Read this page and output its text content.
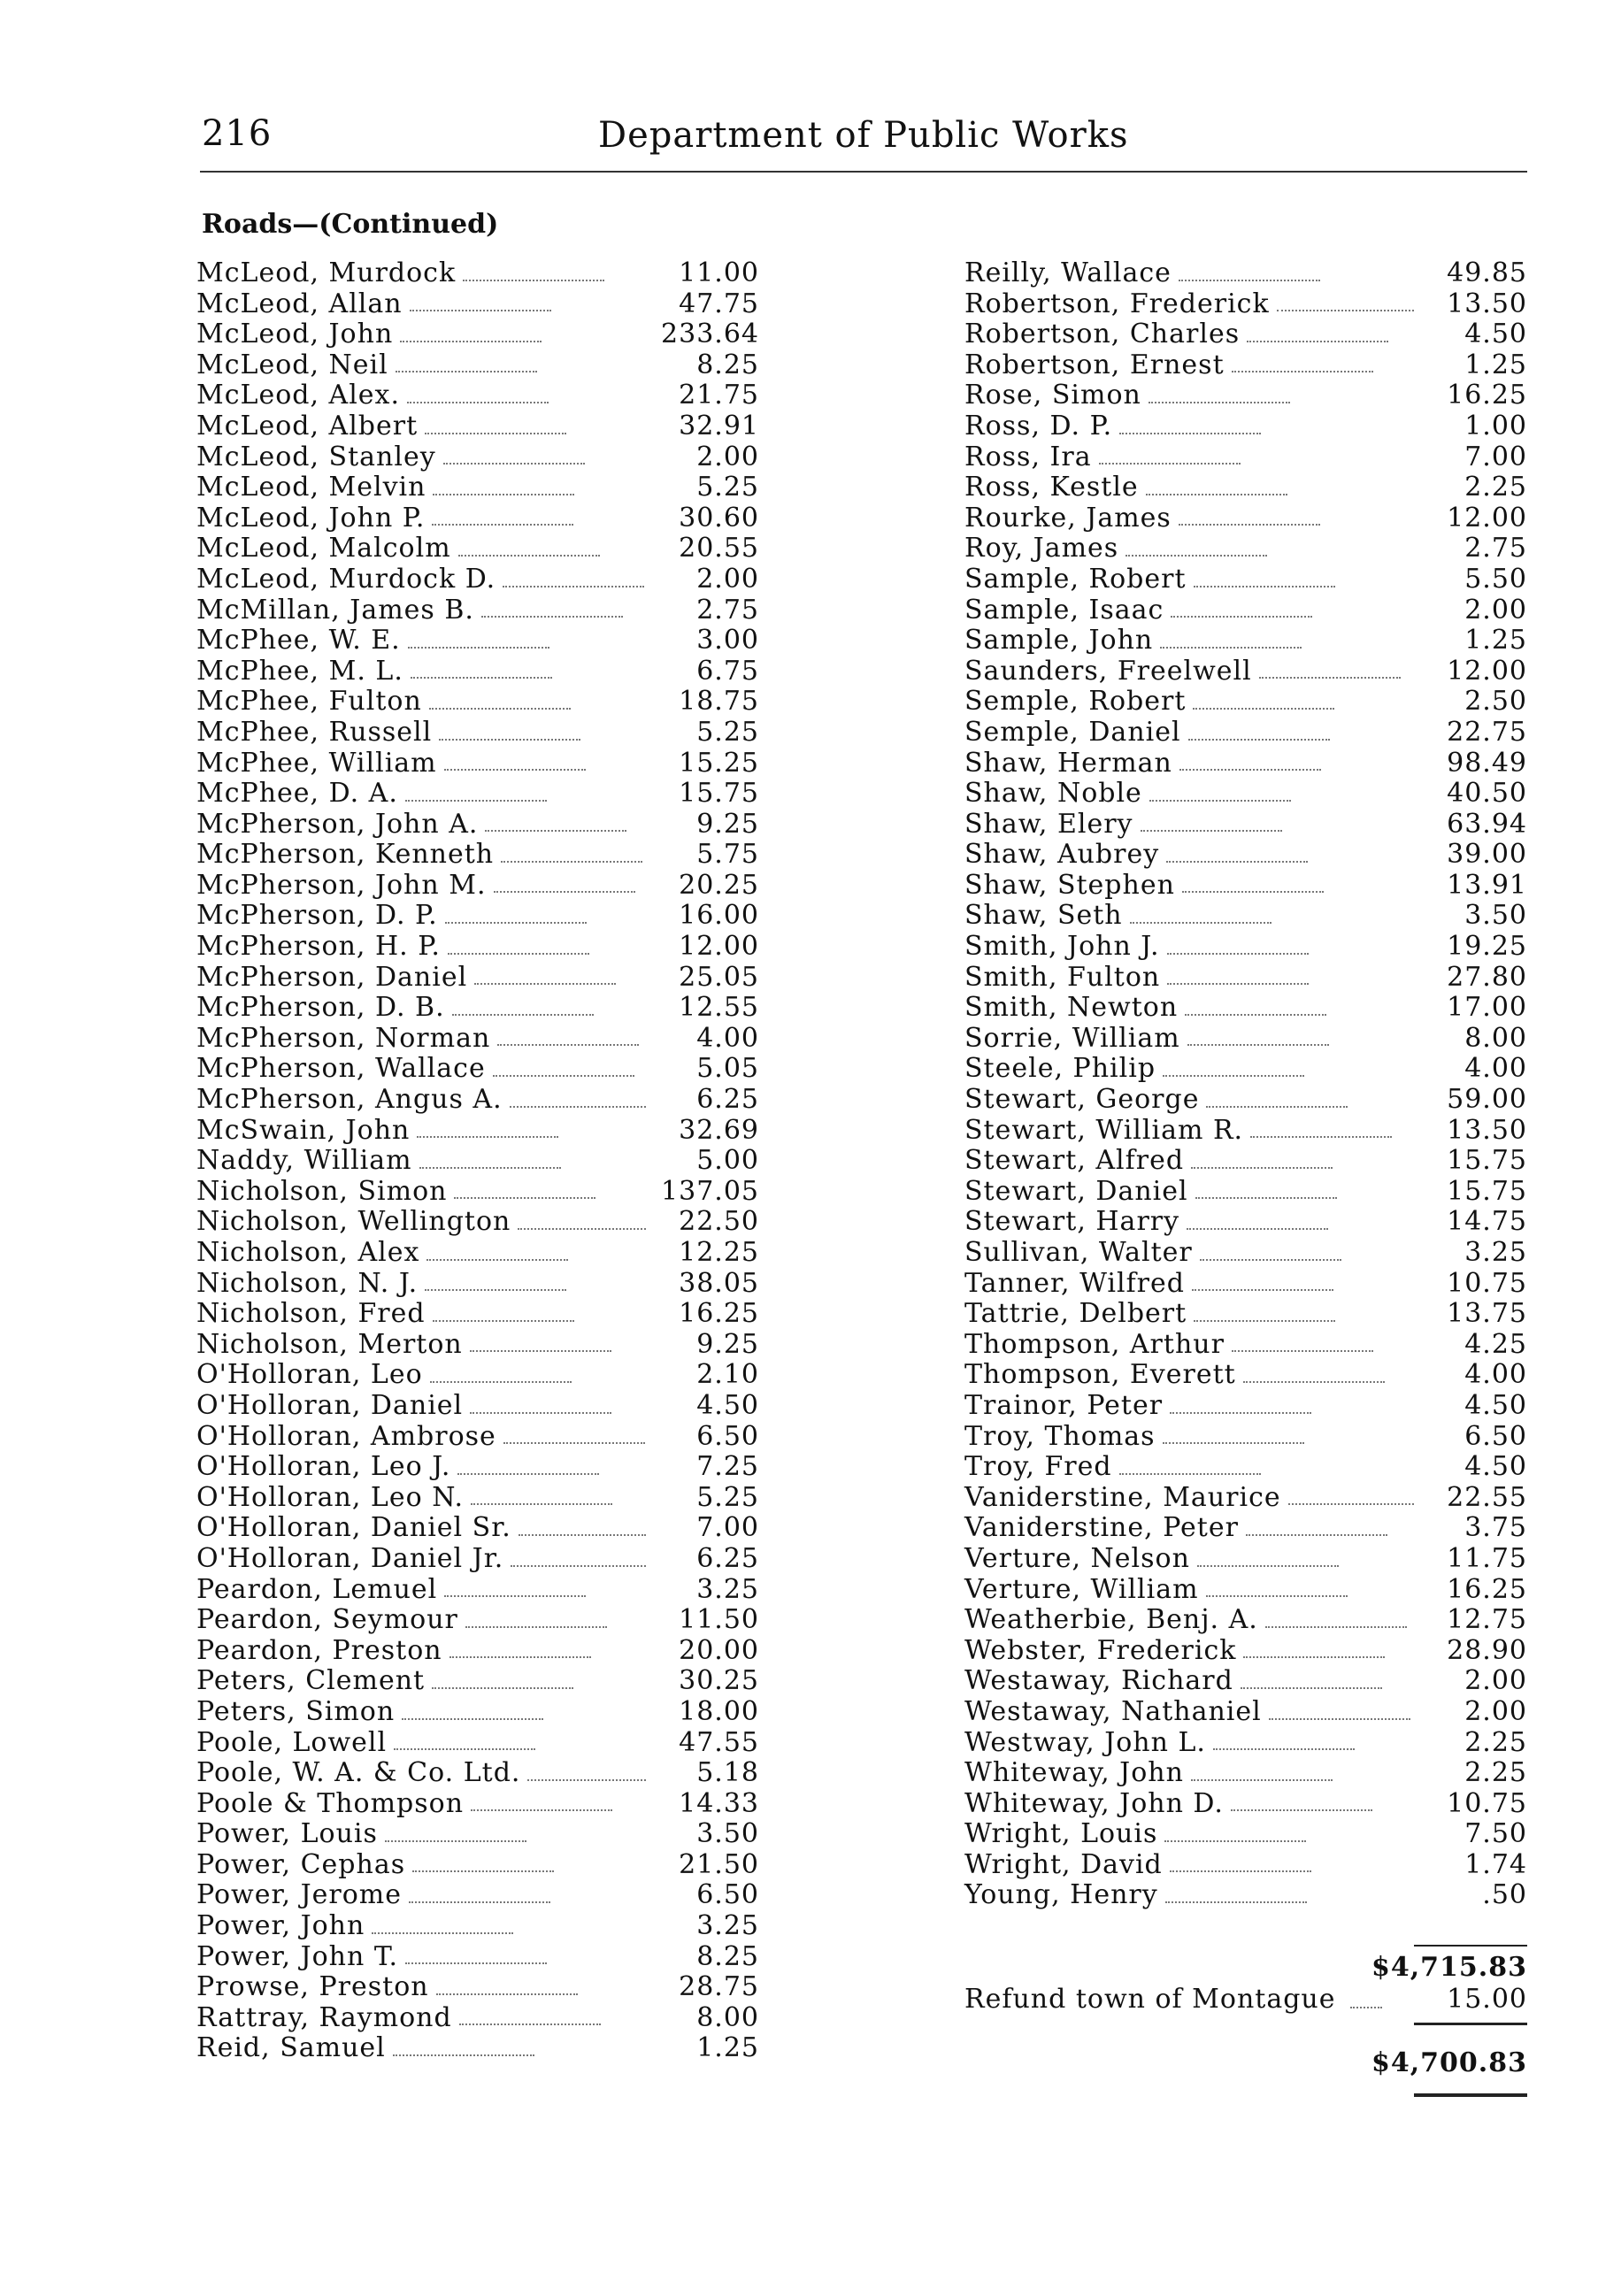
216	Department of Public Works
Roads—(Continued)
McLeod, Murdock	11.00
McLeod, Allan	47.75
McLeod, John	233.64
McLeod, Neil	8.25
McLeod, Alex.	21.75
McLeod, Albert	32.91
McLeod, Stanley	2.00
McLeod, Melvin	5.25
McLeod, John P.	30.60
McLeod, Malcolm	20.55
McLeod, Murdock D.	2.00
McMillan, James B.	2.75
McPhee, W. E.	3.00
McPhee, M. L.	6.75
McPhee, Fulton	18.75
McPhee, Russell	5.25
McPhee, William	15.25
McPhee, D. A.	15.75
McPherson, John A.	9.25
McPherson, Kenneth	5.75
McPherson, John M.	20.25
McPherson, D. P.	16.00
McPherson, H. P.	12.00
McPherson, Daniel	25.05
McPherson, D. B.	12.55
McPherson, Norman	4.00
McPherson, Wallace	5.05
McPherson, Angus A.	6.25
McSwain, John	32.69
Naddy, William	5.00
Nicholson, Simon	137.05
Nicholson, Wellington	22.50
Nicholson, Alex	12.25
Nicholson, N. J.	38.05
Nicholson, Fred	16.25
Nicholson, Merton	9.25
O'Holloran, Leo	2.10
O'Holloran, Daniel	4.50
O'Holloran, Ambrose	6.50
O'Holloran, Leo J.	7.25
O'Holloran, Leo N.	5.25
O'Holloran, Daniel Sr.	7.00
O'Holloran, Daniel Jr.	6.25
Peardon, Lemuel	3.25
Peardon, Seymour	11.50
Peardon, Preston	20.00
Peters, Clement	30.25
Peters, Simon	18.00
Poole, Lowell	47.55
Poole, W. A. & Co. Ltd.	5.18
Poole & Thompson	14.33
Power, Louis	3.50
Power, Cephas	21.50
Power, Jerome	6.50
Power, John	3.25
Power, John T.	8.25
Prowse, Preston	28.75
Rattray, Raymond	8.00
Reid, Samuel	1.25
Reilly, Wallace	49.85
Robertson, Frederick	13.50
Robertson, Charles	4.50
Robertson, Ernest	1.25
Rose, Simon	16.25
Ross, D. P.	1.00
Ross, Ira	7.00
Ross, Kestle	2.25
Rourke, James	12.00
Roy, James	2.75
Sample, Robert	5.50
Sample, Isaac	2.00
Sample, John	1.25
Saunders, Freelwell	12.00
Semple, Robert	2.50
Semple, Daniel	22.75
Shaw, Herman	98.49
Shaw, Noble	40.50
Shaw, Elery	63.94
Shaw, Aubrey	39.00
Shaw, Stephen	13.91
Shaw, Seth	3.50
Smith, John J.	19.25
Smith, Fulton	27.80
Smith, Newton	17.00
Sorrie, William	8.00
Steele, Philip	4.00
Stewart, George	59.00
Stewart, William R.	13.50
Stewart, Alfred	15.75
Stewart, Daniel	15.75
Stewart, Harry	14.75
Sullivan, Walter	3.25
Tanner, Wilfred	10.75
Tattrie, Delbert	13.75
Thompson, Arthur	4.25
Thompson, Everett	4.00
Trainor, Peter	4.50
Troy, Thomas	6.50
Troy, Fred	4.50
Vaniderstine, Maurice	22.55
Vaniderstine, Peter	3.75
Verture, Nelson	11.75
Verture, William	16.25
Weatherbie, Benj. A.	12.75
Webster, Frederick	28.90
Westaway, Richard	2.00
Westaway, Nathaniel	2.00
Westway, John L.	2.25
Whiteway, John	2.25
Whiteway, John D.	10.75
Wright, Louis	7.50
Wright, David	1.74
Young, Henry	.50
$4,715.83
Refund town of Montague	15.00
$4,700.83
